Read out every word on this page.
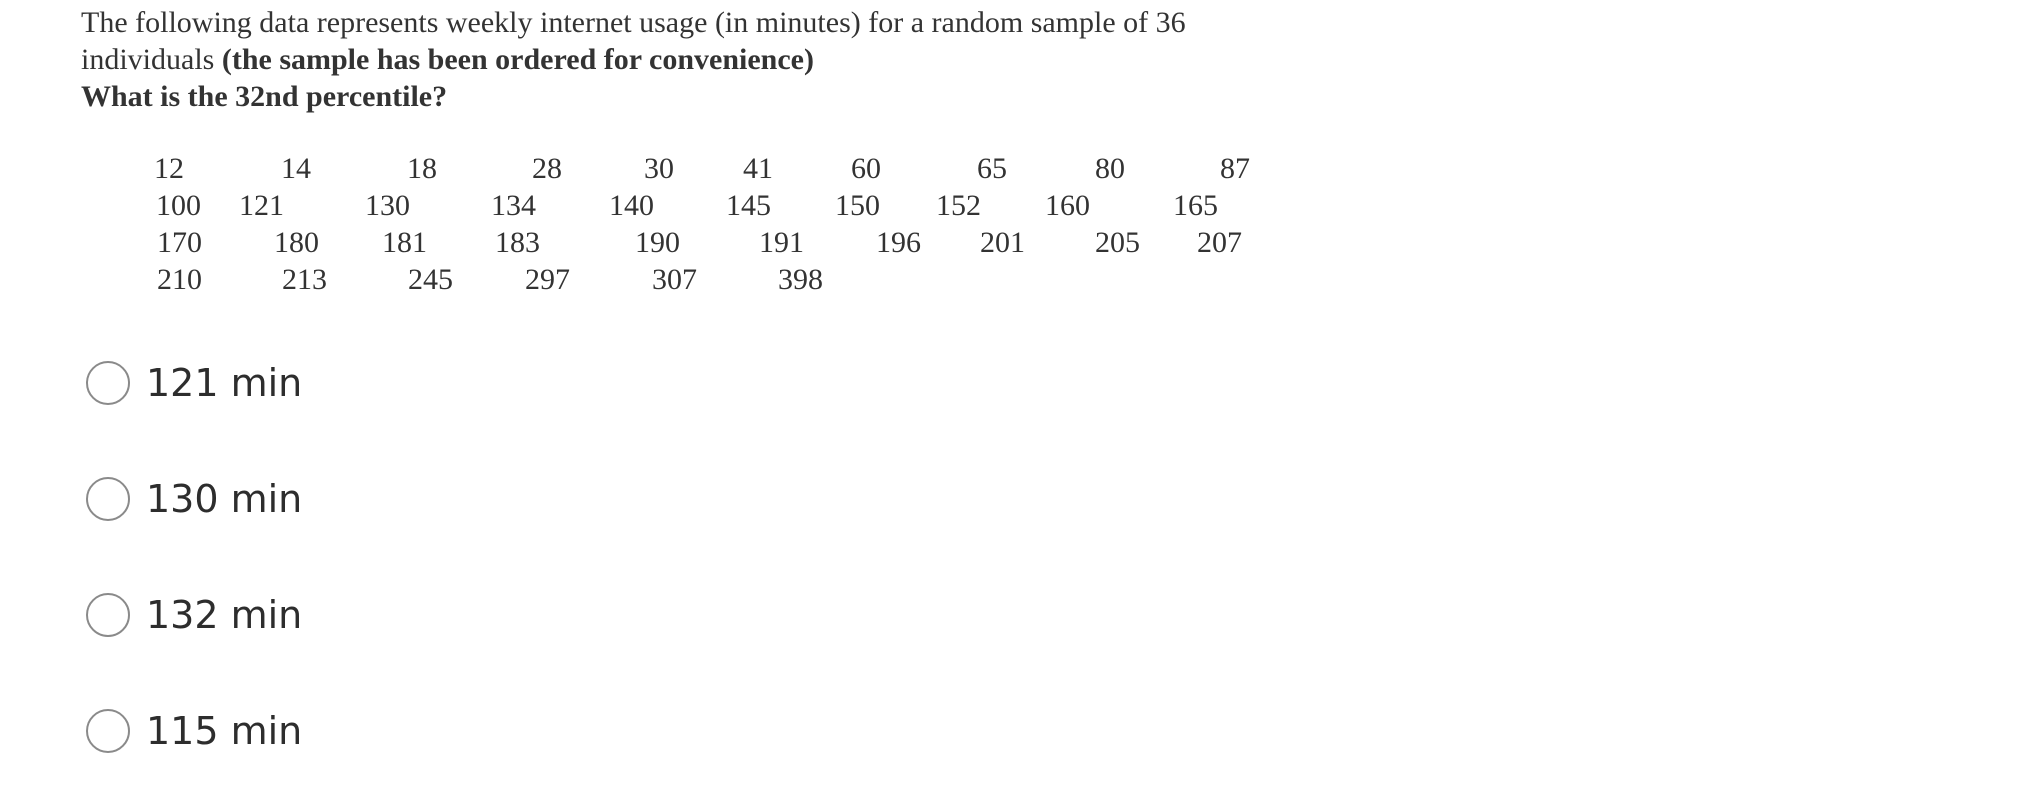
The following data represents weekly internet usage (in minutes) for a random sample of 36
individuals (the sample has been ordered for convenience)
What is the 32nd percentile?
12	14	18	28	30 41	60	65	80	87
100 121	130	134 140 145 150 152 160	165
170 180 181 183	190	191 196 201 205 207
210	213	245 297	307	398
121 min
130 min
132 min
115 min
